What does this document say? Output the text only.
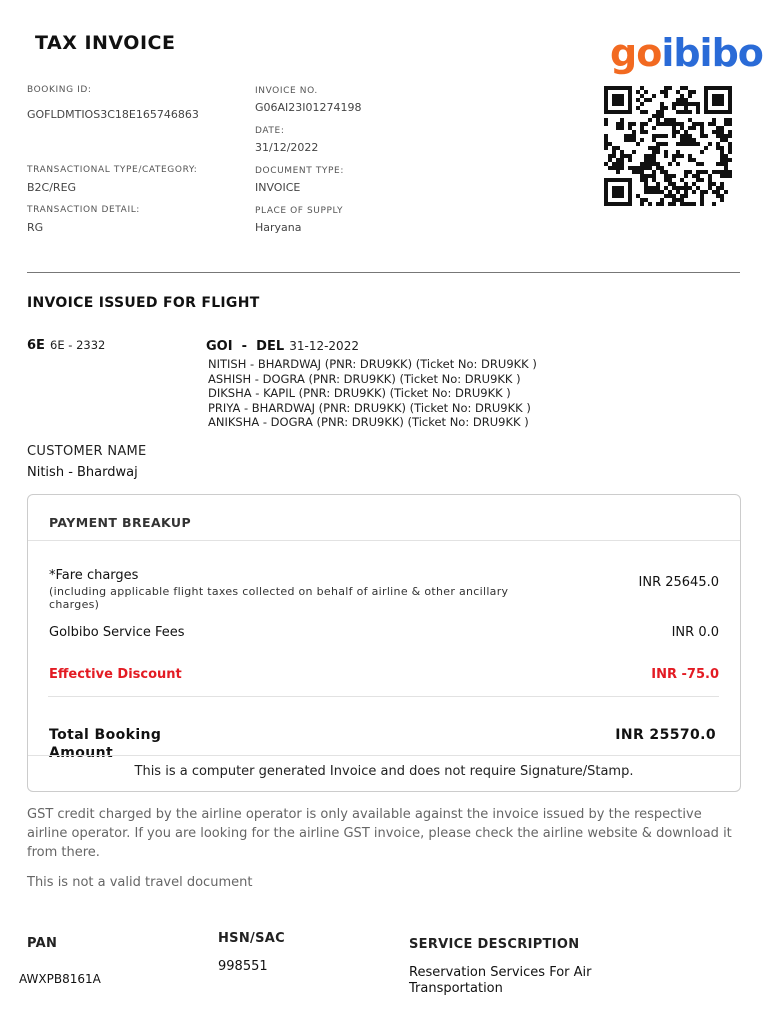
TAX INVOICE	goibibo
BOOKING ID:
GOFLDMTIOS3C18E165746863
TRANSACTIONAL TYPE/CATEGORY:
B2C/REG
TRANSACTION DETAIL:
RG
INVOICE NO.
G06AI23I01274198
DATE:
31/12/2022
DOCUMENT TYPE:
INVOICE
PLACE OF SUPPLY
Haryana
INVOICE ISSUED FOR FLIGHT
6E 6E - 2332	GOI - DEL 31-12-2022
NITISH - BHARDWAJ (PNR: DRU9KK) (Ticket No: DRU9KK )
ASHISH - DOGRA (PNR: DRU9KK) (Ticket No: DRU9KK )
DIKSHA - KAPIL (PNR: DRU9KK) (Ticket No: DRU9KK )
PRIYA - BHARDWAJ (PNR: DRU9KK) (Ticket No: DRU9KK )
ANIKSHA - DOGRA (PNR: DRU9KK) (Ticket No: DRU9KK )
CUSTOMER NAME
Nitish - Bhardwaj
PAYMENT BREAKUP
*Fare charges
(including applicable flight taxes collected on behalf of airline & other ancillary charges)
INR 25645.0
Golbibo Service Fees	INR 0.0
Effective Discount	INR -75.0
Total Booking Amount
INR 25570.0
This is a computer generated Invoice and does not require Signature/Stamp.
GST credit charged by the airline operator is only available against the invoice issued by the respective airline operator. If you are looking for the airline GST invoice, please check the airline website & download it from there.
This is not a valid travel document
PAN
AWXPB8161A
HSN/SAC
998551
SERVICE DESCRIPTION
Reservation Services For Air Transportation
